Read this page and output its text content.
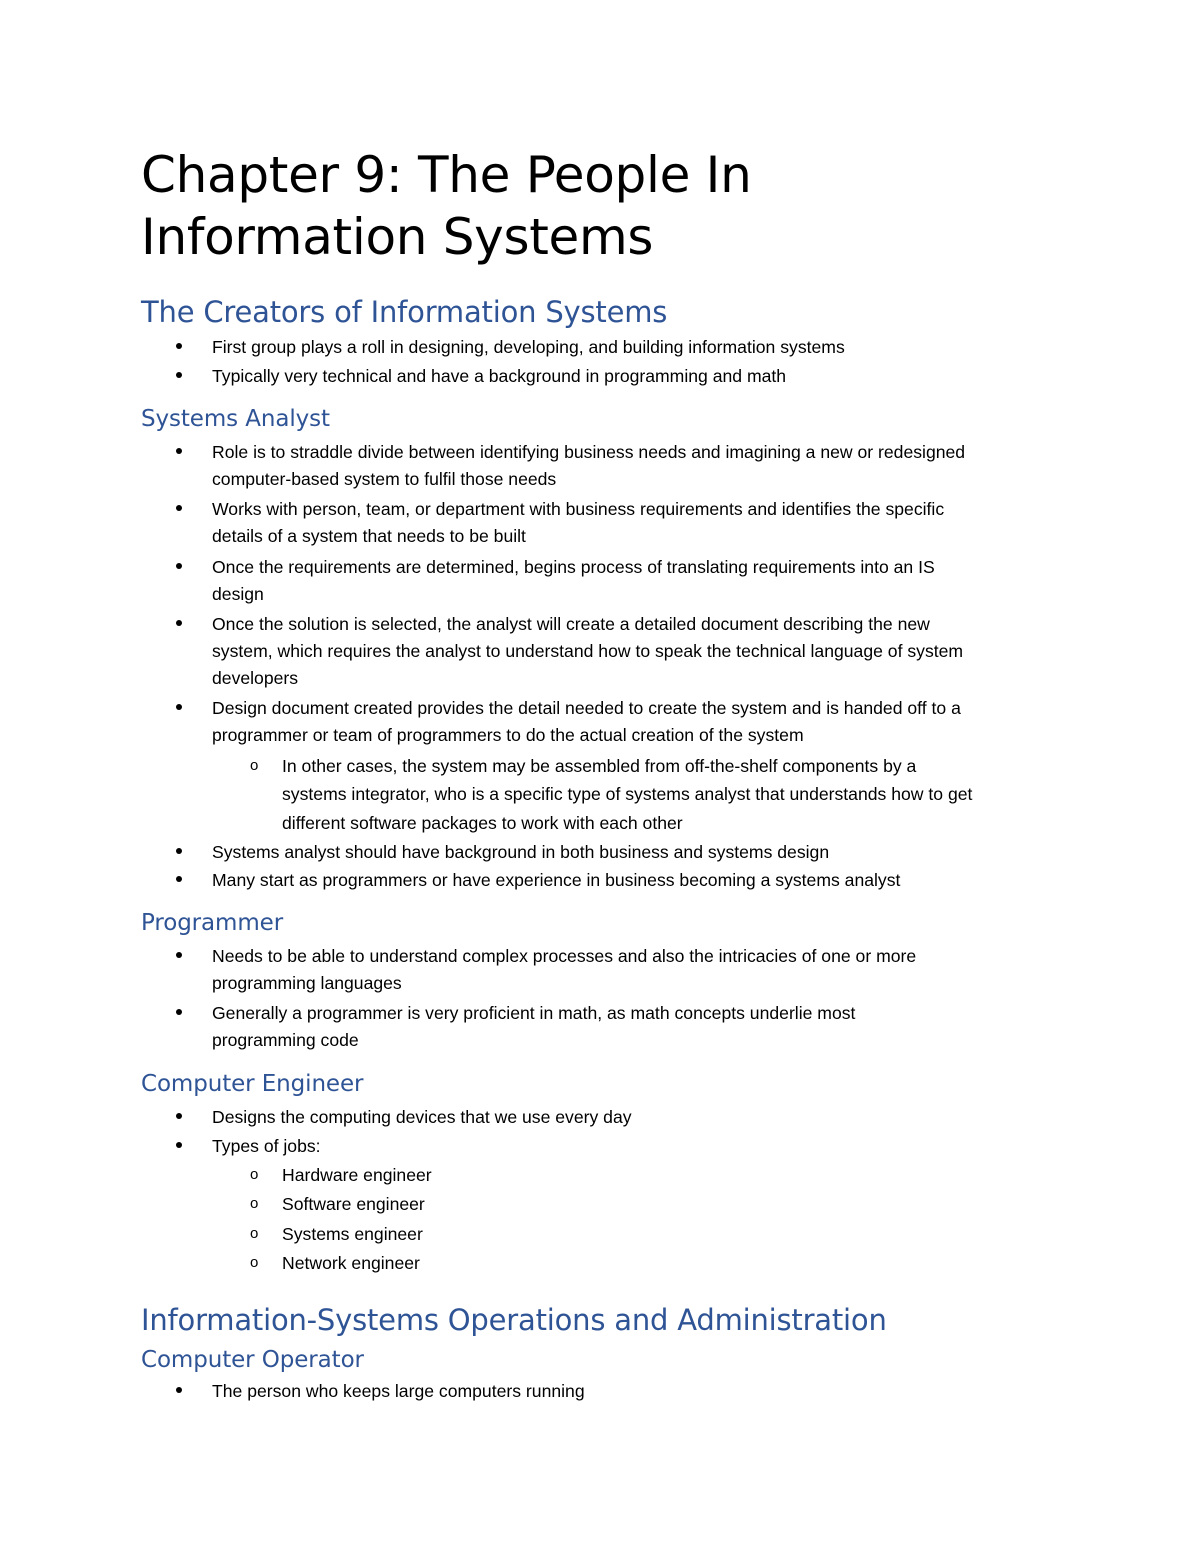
Chapter 9: The People In
Information Systems
The Creators of Information Systems

First group plays a roll in designing, developing, and building information systems

Typically very technical and have a background in programming and math

Systems Analyst

Role is to straddle divide between identifying business needs and imagining a new or redesigned

computer-based system to fulfil those needs

Works with person, team, or department with business requirements and identifies the specific

details of a system that needs to be built

Once the requirements are determined, begins process of translating requirements into an IS

design

Once the solution is selected, the analyst will create a detailed document describing the new

system, which requires the analyst to understand how to speak the technical language of system

developers

Design document created provides the detail needed to create the system and is handed off to a

programmer or team of programmers to do the actual creation of the system

o In other cases, the system may be assembled from off-the-shelf components by a

systems integrator, who is a specific type of systems analyst that understands how to get

different software packages to work with each other

Systems analyst should have background in both business and systems design

Many start as programmers or have experience in business becoming a systems analyst

Programmer

Needs to be able to understand complex processes and also the intricacies of one or more

programming languages

Generally a programmer is very proficient in math, as math concepts underlie most

programming code

Computer Engineer

Designs the computing devices that we use every day

Types of jobs:

o Hardware engineer

o Software engineer

o Systems engineer

o Network engineer

Information-Systems Operations and Administration
Computer Operator

The person who keeps large computers running
